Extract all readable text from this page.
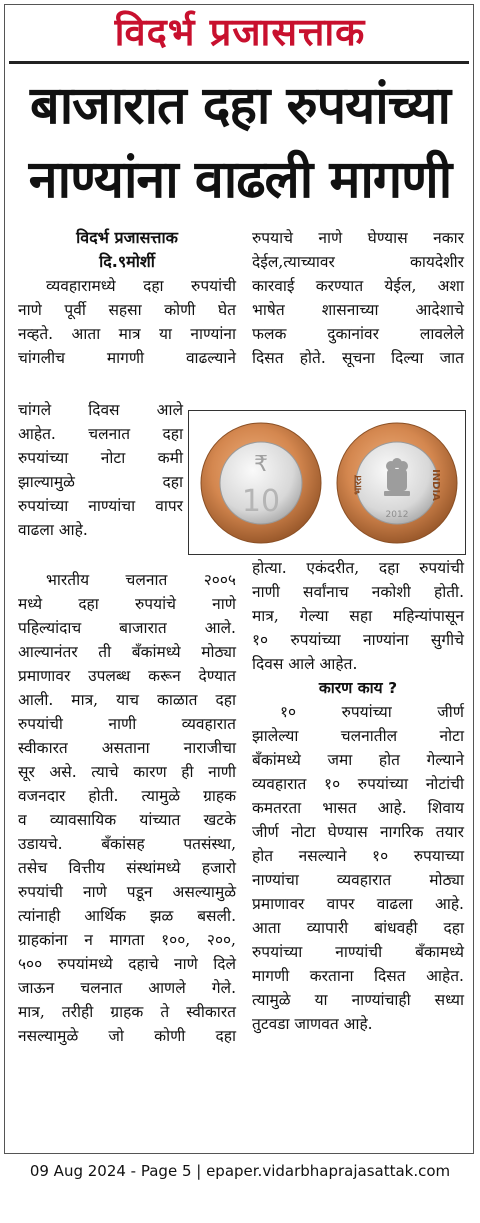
विदर्भ प्रजासत्ताक
बाजारात दहा रुपयांच्या
नाण्यांना वाढली मागणी
विदर्भ प्रजासत्ताक
दि.९मोर्शी

व्यवहारामध्ये दहा रुपयांची

नाणे पूर्वी सहसा कोणी घेत

नव्हते. आता मात्र या नाण्यांना

चांगलीच मागणी वाढल्याने

चांगले दिवस आले

आहेत. चलनात दहा

रुपयांच्या नोटा कमी

झाल्यामुळे दहा

रुपयांच्या नाण्यांचा वापर

वाढला आहे.

भारतीय चलनात २००५

मध्ये दहा रुपयांचे नाणे

पहिल्यांदाच बाजारात आले.

आल्यानंतर ती बँकांमध्ये मोठ्या

प्रमाणावर उपलब्ध करून देण्यात

आली. मात्र, याच काळात दहा

रुपयांची नाणी व्यवहारात

स्वीकारत असताना नाराजीचा

सूर असे. त्याचे कारण ही नाणी

वजनदार होती. त्यामुळे ग्राहक

व व्यावसायिक यांच्यात खटके

उडायचे. बँकांसह पतसंस्था,

तसेच वित्तीय संस्थांमध्ये हजारो

रुपयांची नाणे पडून असल्यामुळे

त्यांनाही आर्थिक झळ बसली.

ग्राहकांना न मागता १००, २००,

५०० रुपयांमध्ये दहाचे नाणे दिले

जाऊन चलनात आणले गेले.

मात्र, तरीही ग्राहक ते स्वीकारत

नसल्यामुळे जो कोणी दहा

रुपयाचे नाणे घेण्यास नकार

देईल,त्याच्यावर कायदेशीर

कारवाई करण्यात येईल, अशा

भाषेत शासनाच्या आदेशाचे

फलक दुकानांवर लावलेले

दिसत होते. सूचना दिल्या जात

₹
10	INDIA
भारत
2012

होत्या. एकंदरीत, दहा रुपयांची

नाणी सर्वांनाच नकोशी होती.

मात्र, गेल्या सहा महिन्यांपासून

१० रुपयांच्या नाण्यांना सुगीचे

दिवस आले आहेत.

कारण काय ?

१० रुपयांच्या जीर्ण

झालेल्या चलनातील नोटा

बँकांमध्ये जमा होत गेल्याने

व्यवहारात १० रुपयांच्या नोटांची

कमतरता भासत आहे. शिवाय

जीर्ण नोटा घेण्यास नागरिक तयार

होत नसल्याने १० रुपयाच्या

नाण्यांचा व्यवहारात मोठ्या

प्रमाणावर वापर वाढला आहे.

आता व्यापारी बांधवही दहा

रुपयांच्या नाण्यांची बँकामध्ये

मागणी करताना दिसत आहेत.

त्यामुळे या नाण्यांचाही सध्या

तुटवडा जाणवत आहे.

09 Aug 2024 - Page 5 | epaper.vidarbhaprajasattak.com
